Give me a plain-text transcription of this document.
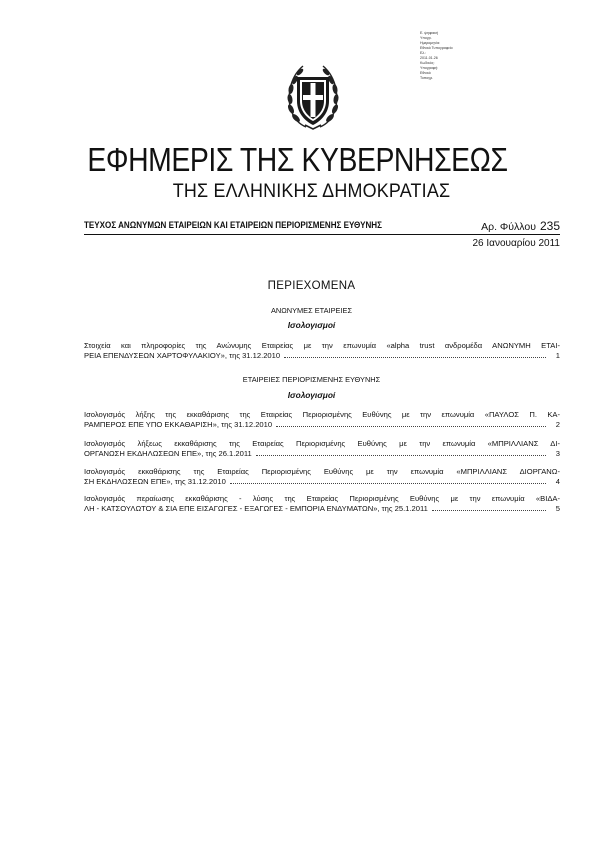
Ε. ψηφιακή
Υπογρ.
Ημερομηνία:
Εθνικό Τυπογραφείο
Ελ.:
2011.01.26
Κωδικός:
Υπογραφή:
Εθνικό
Τυπογρ.
ΕΦΗΜΕΡΙΣ ΤΗΣ ΚΥΒΕΡΝΗΣΕΩΣ
ΤΗΣ ΕΛΛΗΝΙΚΗΣ ΔΗΜΟΚΡΑΤΙΑΣ
ΤΕΥΧΟΣ ΑΝΩΝΥΜΩΝ ΕΤΑΙΡΕΙΩΝ ΚΑΙ ΕΤΑΙΡΕΙΩΝ ΠΕΡΙΟΡΙΣΜΕΝΗΣ ΕΥΘΥΝΗΣ	Αρ. Φύλλου 235
26 Ιανουαρίου 2011
ΠΕΡΙΕΧΟΜΕΝΑ
ΑΝΩΝΥΜΕΣ ΕΤΑΙΡΕΙΕΣ
Ισολογισμοί
Στοιχεία και πληροφορίες της Ανώνυμης Εταιρείας με την επωνυμία «alpha trust ανδρομέδα ΑΝΩΝΥΜΗ ΕΤΑΙ-
ΡΕΙΑ ΕΠΕΝΔΥΣΕΩΝ ΧΑΡΤΟΦΥΛΑΚΙΟΥ», της 31.12.2010	1
ΕΤΑΙΡΕΙΕΣ ΠΕΡΙΟΡΙΣΜΕΝΗΣ ΕΥΘΥΝΗΣ
Ισολογισμοί
Ισολογισμός λήξης της εκκαθάρισης της Εταιρείας Περιορισμένης Ευθύνης με την επωνυμία «ΠΑΥΛΟΣ Π. ΚΑ-
ΡΑΜΠΕΡΟΣ ΕΠΕ ΥΠΟ ΕΚΚΑΘΑΡΙΣΗ», της 31.12.2010	2
Ισολογισμός λήξεως εκκαθάρισης της Εταιρείας Περιορισμένης Ευθύνης με την επωνυμία «ΜΠΡΙΛΛΙΑΝΣ ΔΙ-
ΟΡΓΑΝΩΣΗ ΕΚΔΗΛΩΣΕΩΝ ΕΠΕ», της 26.1.2011	3
Ισολογισμός εκκαθάρισης της Εταιρείας Περιορισμένης Ευθύνης με την επωνυμία «ΜΠΡΙΛΛΙΑΝΣ ΔΙΟΡΓΑΝΩ-
ΣΗ ΕΚΔΗΛΩΣΕΩΝ ΕΠΕ», της 31.12.2010	4
Ισολογισμός περαίωσης εκκαθάρισης - λύσης της Εταιρείας Περιορισμένης Ευθύνης με την επωνυμία «ΒΙΔΑ-
ΛΗ - ΚΑΤΣΟΥΛΩΤΟΥ & ΣΙΑ ΕΠΕ ΕΙΣΑΓΩΓΕΣ - ΕΞΑΓΩΓΕΣ - ΕΜΠΟΡΙΑ ΕΝΔΥΜΑΤΩΝ», της 25.1.2011	5
